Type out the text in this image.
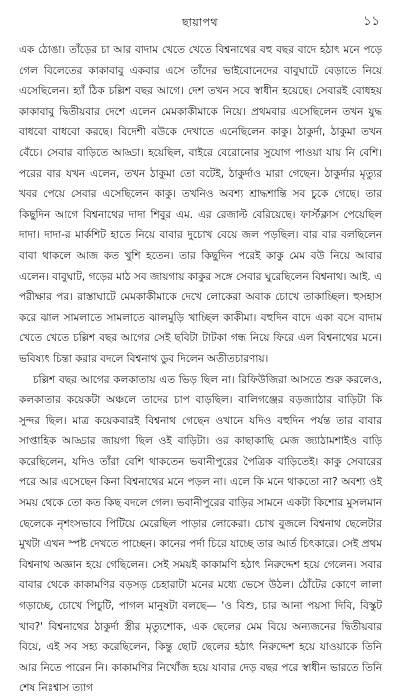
ছায়াপথ	১১

এক ঠোঙা। তাঁড়ের চা আর বাদাম খেতে খেতে বিশ্বনাথের বহু বছর বাদে হঠাৎ মনে পড়ে গেল বিলেতের কাকাবাবু একবার এসে তাঁদের ভাইবোনেদের বাবুঘাটে বেড়াতে নিয়ে এসেছিলেন। হ্যাঁ ঠিক চল্লিশ বছর আগে। দেশ তখন সবে স্বাধীন হয়েছে। সেবারই বোধহয় কাকাবাবু দ্বিতীয়বার দেশে এলেন মেমকাকীমাকে নিয়ে। প্রথমবার এসেছিলেন তখন যুদ্ধ বাধবো বাধবো করছে। বিদেশী বউকে দেখাতে এনেছিলেন কাকু। ঠাকুর্দা, ঠাকুমা তখন বেঁচে। সেবার বাড়িতে আড্ডা। হয়েছিল, বাইরে বেরোনোর সুযোগ পাওয়া যায় নি বেশি। পরের বার যখন এলেন, তখন ঠাকুমা তো বটেই, ঠাকুর্দাও মারা গেছেন। ঠাকুর্দার মৃত্যুর খবর পেয়ে সেবার এসেছিলেন কাকু। তখনিও অবশ্য শ্রাদ্ধশান্তি সব চুকে গেছে। তার কিছুদিন আগে বিশ্বনাথের দাদা শিবুর এম. এর রেজাল্ট বেরিয়েছে। ফার্স্টক্লাস পেয়েছিল দাদা। দাদা-র মার্কশিট হাতে নিয়ে বাবার দুচোখ বেয়ে জল পড়ছিল। বার বার বলছিলেন বাবা থাকলে আজ কত খুশি হতেন। তার কিছুদিন পরেই কাকু মেম বউ নিয়ে আবার এলেন। বাবুঘাট, গড়ের মাঠ সব জায়গায় কাকুর সঙ্গে সেবার ঘুরেছিলেন বিশ্বনাথ। আই. এ পরীক্ষার পর। রাস্তাঘাটে মেমকাকীমাকে দেখে লোকেরা অবাক চোখে তাকাচ্ছিল। হুসহাস করে ঝাল সামলাতে সামলাতে ঝালমুড়ি খাচ্ছিল কাকীমা। বহুদিন বাদে একা বসে বাদাম খেতে খেতে চল্লিশ বছর আগের সেই ছবিটা টাটকা গন্ধ নিয়ে ফিরে এল বিশ্বনাথের মনে। ভবিষ্যৎ চিন্তা করার বদলে বিশ্বনাথ ডুব দিলেন অতীতচারণায়।

চল্লিশ বছর আগের কলকাতায় এত ভিড় ছিল না। রিফিউজিরা আসতে শুরু করলেও, কলকাতার কয়েকটা অঞ্চলে তাদের চাপ বাড়ছিল। বালিগঞ্জের বড়জ্যাঠার বাড়িটা কি সুন্দর ছিল। মাত্র কয়েকবারই বিশ্বনাথ গেছেন ওখানে যদিও বহুদিন পর্যন্ত তার বাবার সাপ্তাহিক আড্ডার জায়গা ছিল ওই বাড়িটা। ওর কাছাকাছি মেজ জ্যাঠামশাইও বাড়ি করেছিলেন, যদিও তাঁরা বেশি থাকতেন ভবানীপুরের পৈত্রিক বাড়িতেই। কাকু সেবারের পরে আর এসেছেন কিনা বিশ্বনাথের মনে পড়ল না। এলে কি মনে থাকতো না? অবশ্য ওই সময় থেকে তো কত কিছ বদলে গেল। ভবানীপুরের বাড়ির সামনে একটা কিশোর মুসলমান ছেলেকে নৃশংসভাবে পিটিয়ে মেরেছিল পাড়ার লোকেরা। চোখ বুজলে বিশ্বনাথ ছেলেটার মুখটা এখন স্পষ্ট দেখতে পাচ্ছেন। কানের পর্দা চিরে যাচ্ছে তার আর্ত চিৎকারে। সেই প্রথম বিশ্বনাথ অজ্ঞান হয়ে গেছিলেন। সেই সময়ই কাকামণি হঠাৎ নিরুদ্দেশ হয়ে গেলেন। সবার বাবার থেকে কাকামণির বড়সড় চেহারাটা মনের মধ্যে ভেসে উঠল। ঠোঁটের কোণে লালা গড়াচ্ছে, চোখে পিচুটি, পাগল মানুষটা বলছে— 'ও বিশু, চার আনা পয়সা দিবি, বিস্কুট খাব?' বিশ্বনাথের ঠাকুর্দা স্ত্রীর মৃত্যুশোক, এক ছেলের মেম বিয়ে অন্যজনের দ্বিতীয়বার বিয়ে, এই সব সহ্য করেছিলেন, কিন্তু ছোট ছেলের হঠাৎ নিরুদ্দেশ হয়ে যাওয়াকে তিনি আর নিতে পারেন নি। কাকামণির নিখোঁজ হয়ে যাবার দেড় বছর পরে স্বাধীন ভারতে তিনি শেষ নিঃশ্বাস ত্যাগ
